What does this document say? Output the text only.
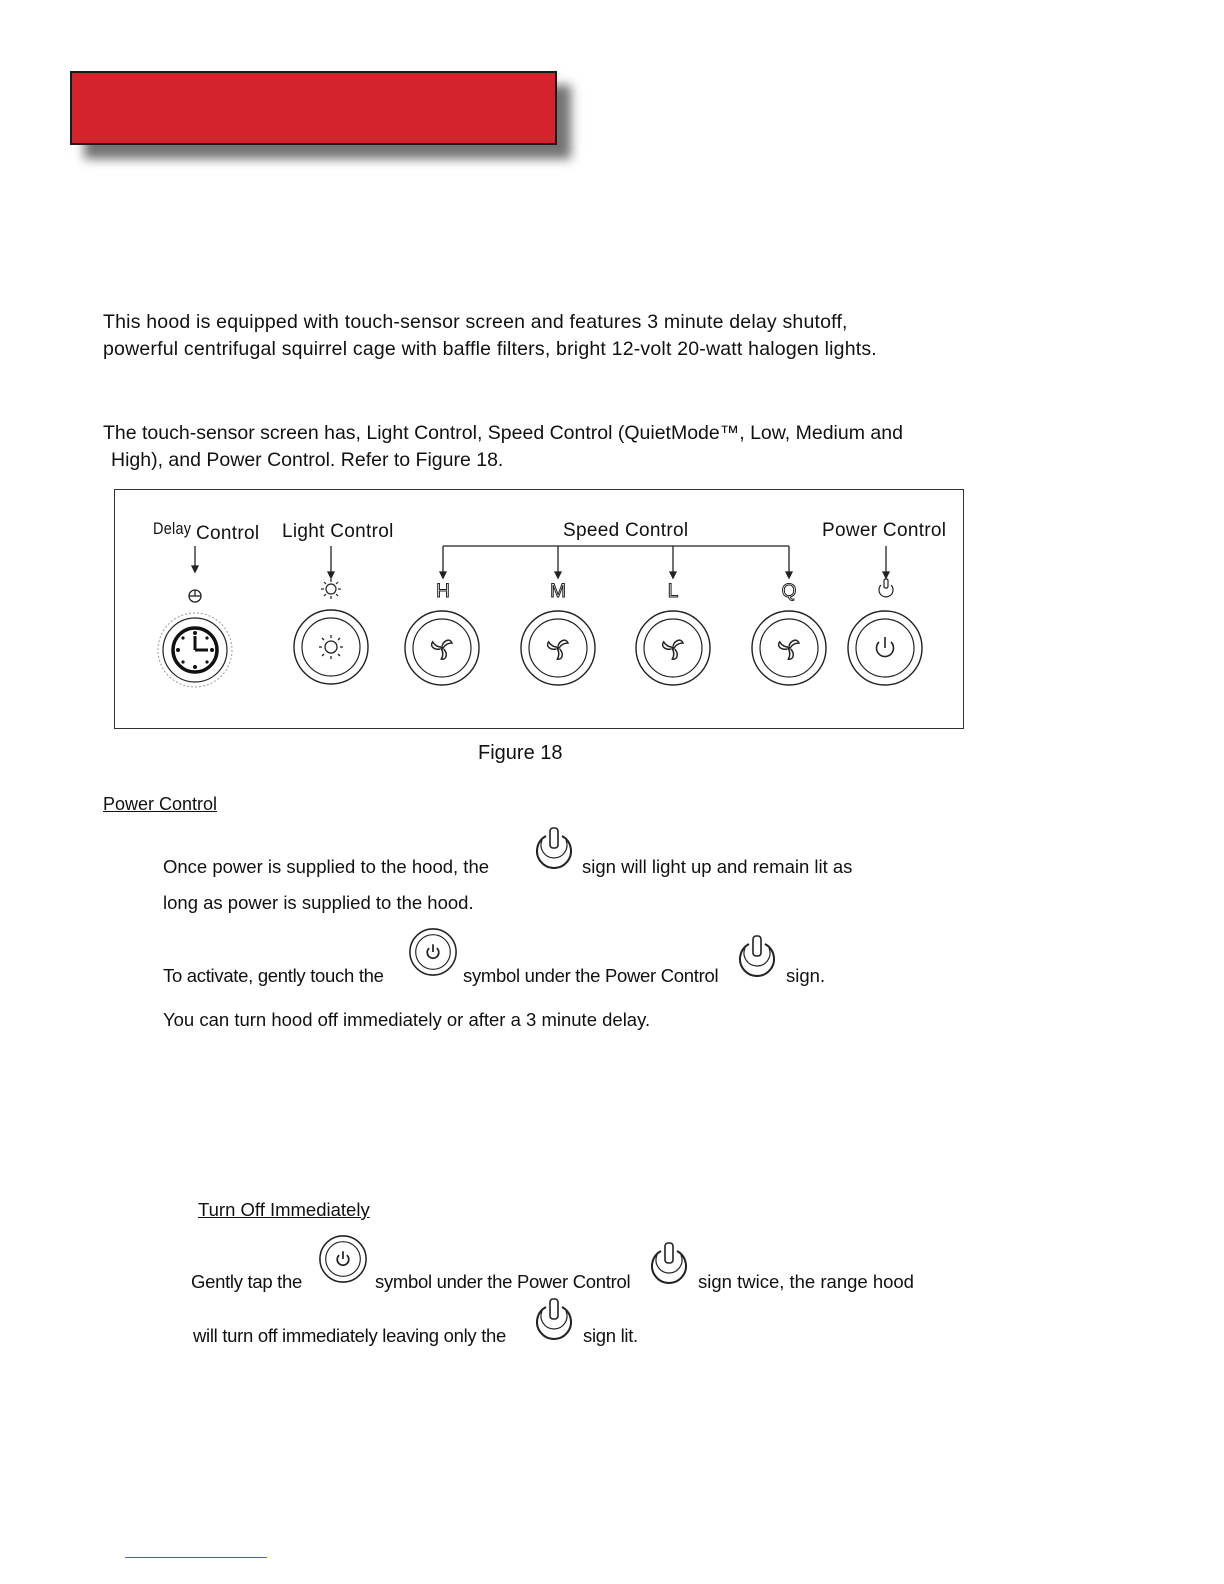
This hood is equipped with touch-sensor screen and features 3 minute delay shutoff,
powerful centrifugal squirrel cage with baffle filters, bright 12-volt 20-watt halogen lights.
The touch-sensor screen has, Light Control, Speed Control (QuietMode™, Low, Medium and
High), and Power Control. Refer to Figure 18.
Delay Control Light Control	Speed Control	Power Control
H	M	L	Q
Figure 18
Power Control
Once power is supplied to the hood, the	sign will light up and remain lit as
long as power is supplied to the hood.
To activate, gently touch the	symbol under the Power Control	sign.
You can turn hood off immediately or after a 3 minute delay.
Turn Off Immediately
Gently tap the	symbol under the Power Control	sign twice, the range hood
will turn off immediately leaving only the	sign lit.
